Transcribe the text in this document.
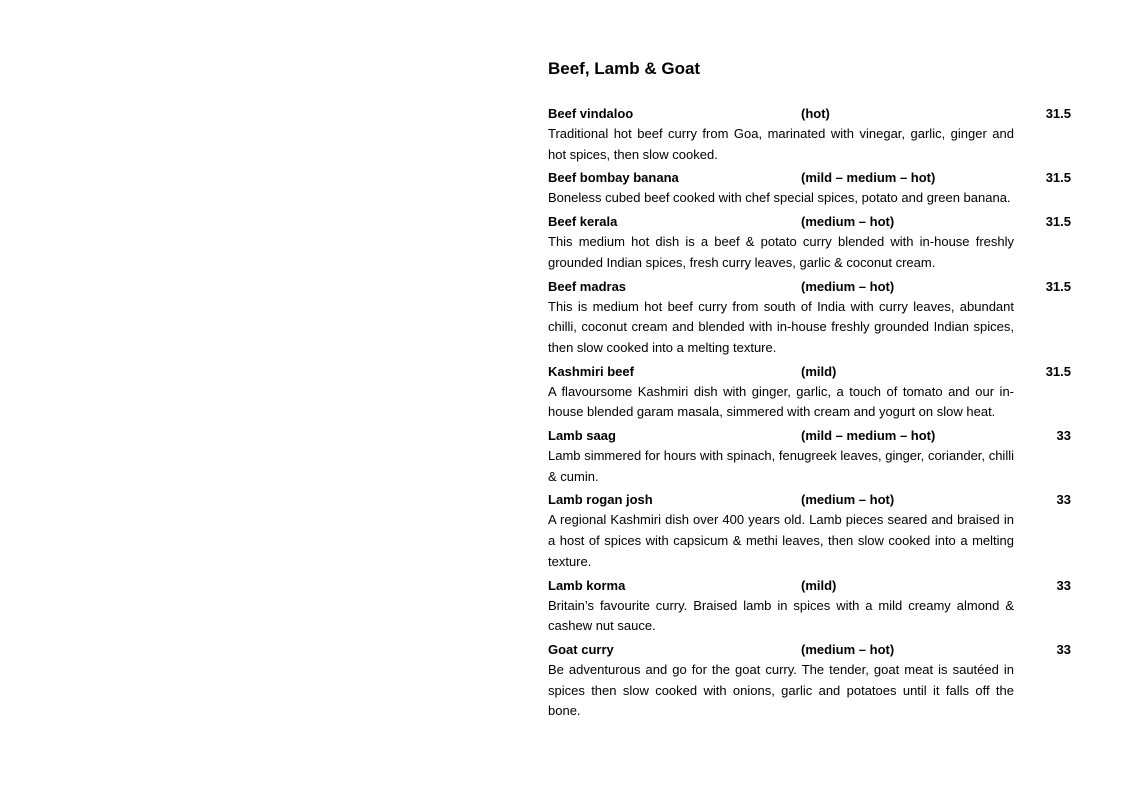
Beef, Lamb & Goat
Beef vindaloo	(hot)	31.5
Traditional hot beef curry from Goa, marinated with vinegar, garlic, ginger and hot spices, then slow cooked.
Beef bombay banana	(mild – medium – hot)	31.5
Boneless cubed beef cooked with chef special spices, potato and green banana.
Beef kerala	(medium – hot)	31.5
This medium hot dish is a beef & potato curry blended with in-house freshly grounded Indian spices, fresh curry leaves, garlic & coconut cream.
Beef madras	(medium – hot)	31.5
This is medium hot beef curry from south of India with curry leaves, abundant chilli, coconut cream and blended with in-house freshly grounded Indian spices, then slow cooked into a melting texture.
Kashmiri beef	(mild)	31.5
A flavoursome Kashmiri dish with ginger, garlic, a touch of tomato and our in-house blended garam masala, simmered with cream and yogurt on slow heat.
Lamb saag	(mild – medium – hot)	33
Lamb simmered for hours with spinach, fenugreek leaves, ginger, coriander, chilli & cumin.
Lamb rogan josh	(medium – hot)	33
A regional Kashmiri dish over 400 years old. Lamb pieces seared and braised in a host of spices with capsicum & methi leaves, then slow cooked into a melting texture.
Lamb korma	(mild)	33
Britain’s favourite curry. Braised lamb in spices with a mild creamy almond & cashew nut sauce.
Goat curry	(medium – hot)	33
Be adventurous and go for the goat curry. The tender, goat meat is sautéed in spices then slow cooked with onions, garlic and potatoes until it falls off the bone.
